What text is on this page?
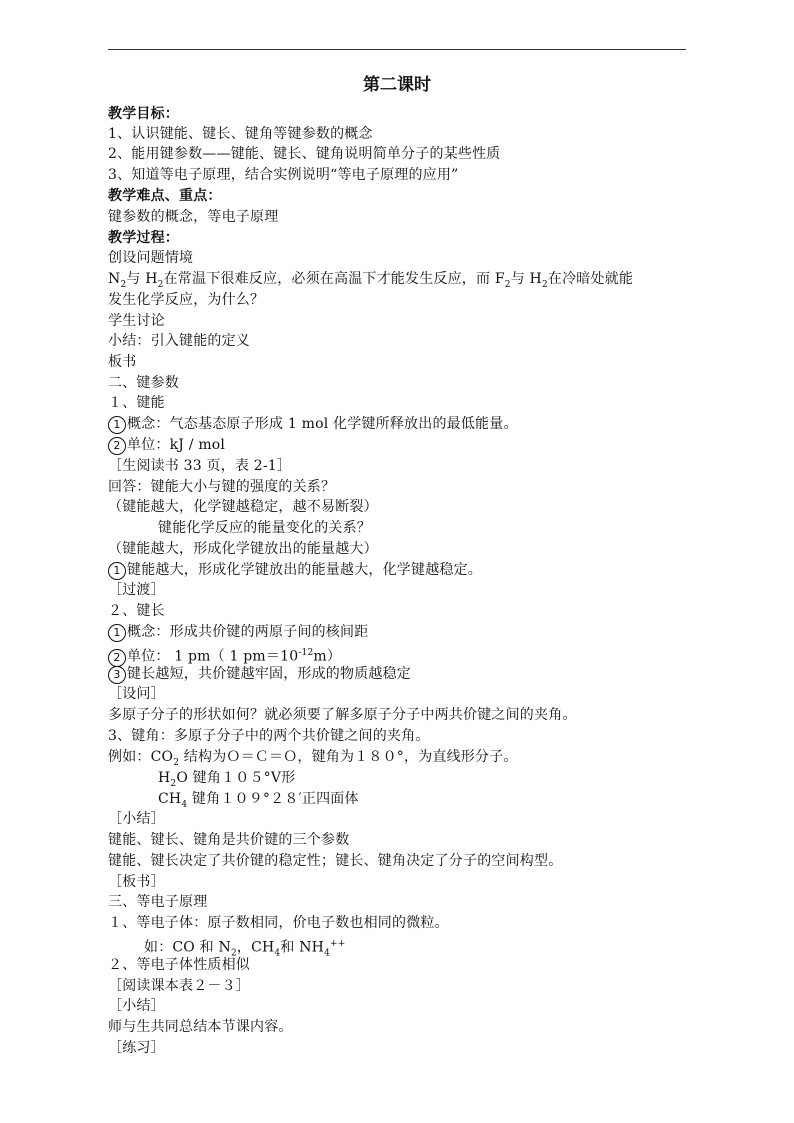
第二课时
教学目标：
1、认识键能、键长、键角等键参数的概念
2、能用键参数——键能、键长、键角说明简单分子的某些性质
3、知道等电子原理，结合实例说明“等电子原理的应用”
教学难点、重点：
键参数的概念，等电子原理
教学过程：
创设问题情境
$N_2$与 $H_2$在常温下很难反应，必须在高温下才能发生反应，而 $F_2$与 $H_2$在冷暗处就能
发生化学反应，为什么？
学生讨论
小结：引入键能的定义
板书
二、键参数
１、键能
1 概念：气态基态原子形成 1 mol 化学键所释放出的最低能量。
2 单位：kJ / mol
［生阅读书 33 页，表 2-1］
回答：键能大小与键的强度的关系？
（键能越大，化学键越稳定，越不易断裂）
键能化学反应的能量变化的关系？
（键能越大，形成化学键放出的能量越大）
1 键能越大，形成化学键放出的能量越大，化学键越稳定。
［过渡］
２、键长
1 概念：形成共价键的两原子间的核间距
2 单位： 1 pm（ 1 $pm=10^{-12}m$）
3 键长越短，共价键越牢固，形成的物质越稳定
［设问］
多原子分子的形状如何？就必须要了解多原子分子中两共价键之间的夹角。
3、键角：多原子分子中的两个共价键之间的夹角。
例如：$CO_2$ 结构为Ｏ＝Ｃ＝Ｏ，键角为１８０°，为直线形分子。
$H_2O$ 键角１０５°V形
$CH_4$ 键角１０９°２８′正四面体
［小结］
键能、键长、键角是共价键的三个参数
键能、键长决定了共价键的稳定性；键长、键角决定了分子的空间构型。
［板书］
三、等电子原理
１、等电子体：原子数相同，价电子数也相同的微粒。
如：CO 和 $N_2$，$CH_4$和 $NH_4^{++}$
２、等电子体性质相似
［阅读课本表２－３］
［小结］
师与生共同总结本节课内容。
［练习］
